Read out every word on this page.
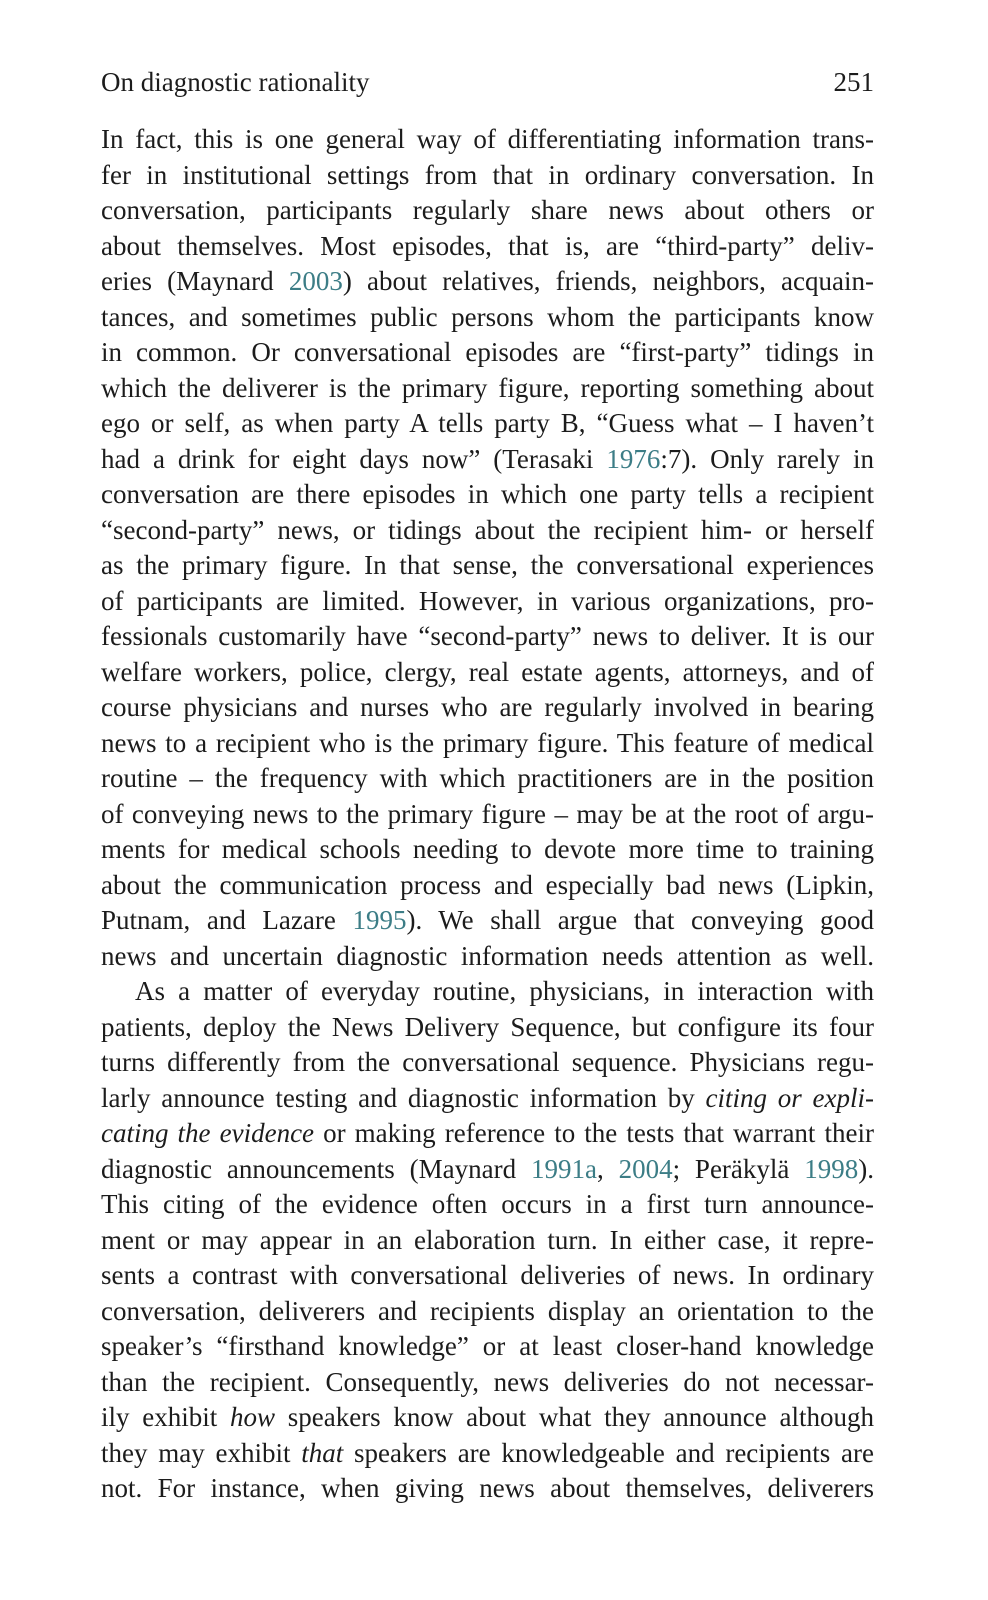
On diagnostic rationality	251
In fact, this is one general way of differentiating information trans-
fer in institutional settings from that in ordinary conversation. In
conversation, participants regularly share news about others or
about themselves. Most episodes, that is, are “third-party” deliv-
eries (Maynard 2003) about relatives, friends, neighbors, acquain-
tances, and sometimes public persons whom the participants know
in common. Or conversational episodes are “first-party” tidings in
which the deliverer is the primary figure, reporting something about
ego or self, as when party A tells party B, “Guess what – I haven’t
had a drink for eight days now” (Terasaki 1976:7). Only rarely in
conversation are there episodes in which one party tells a recipient
“second-party” news, or tidings about the recipient him- or herself
as the primary figure. In that sense, the conversational experiences
of participants are limited. However, in various organizations, pro-
fessionals customarily have “second-party” news to deliver. It is our
welfare workers, police, clergy, real estate agents, attorneys, and of
course physicians and nurses who are regularly involved in bearing
news to a recipient who is the primary figure. This feature of medical
routine – the frequency with which practitioners are in the position
of conveying news to the primary figure – may be at the root of argu-
ments for medical schools needing to devote more time to training
about the communication process and especially bad news (Lipkin,
Putnam, and Lazare 1995). We shall argue that conveying good
news and uncertain diagnostic information needs attention as well.
As a matter of everyday routine, physicians, in interaction with
patients, deploy the News Delivery Sequence, but configure its four
turns differently from the conversational sequence. Physicians regu-
larly announce testing and diagnostic information by citing or expli-
cating the evidence or making reference to the tests that warrant their
diagnostic announcements (Maynard 1991a, 2004; Peräkylä 1998).
This citing of the evidence often occurs in a first turn announce-
ment or may appear in an elaboration turn. In either case, it repre-
sents a contrast with conversational deliveries of news. In ordinary
conversation, deliverers and recipients display an orientation to the
speaker’s “firsthand knowledge” or at least closer-hand knowledge
than the recipient. Consequently, news deliveries do not necessar-
ily exhibit how speakers know about what they announce although
they may exhibit that speakers are knowledgeable and recipients are
not. For instance, when giving news about themselves, deliverers
